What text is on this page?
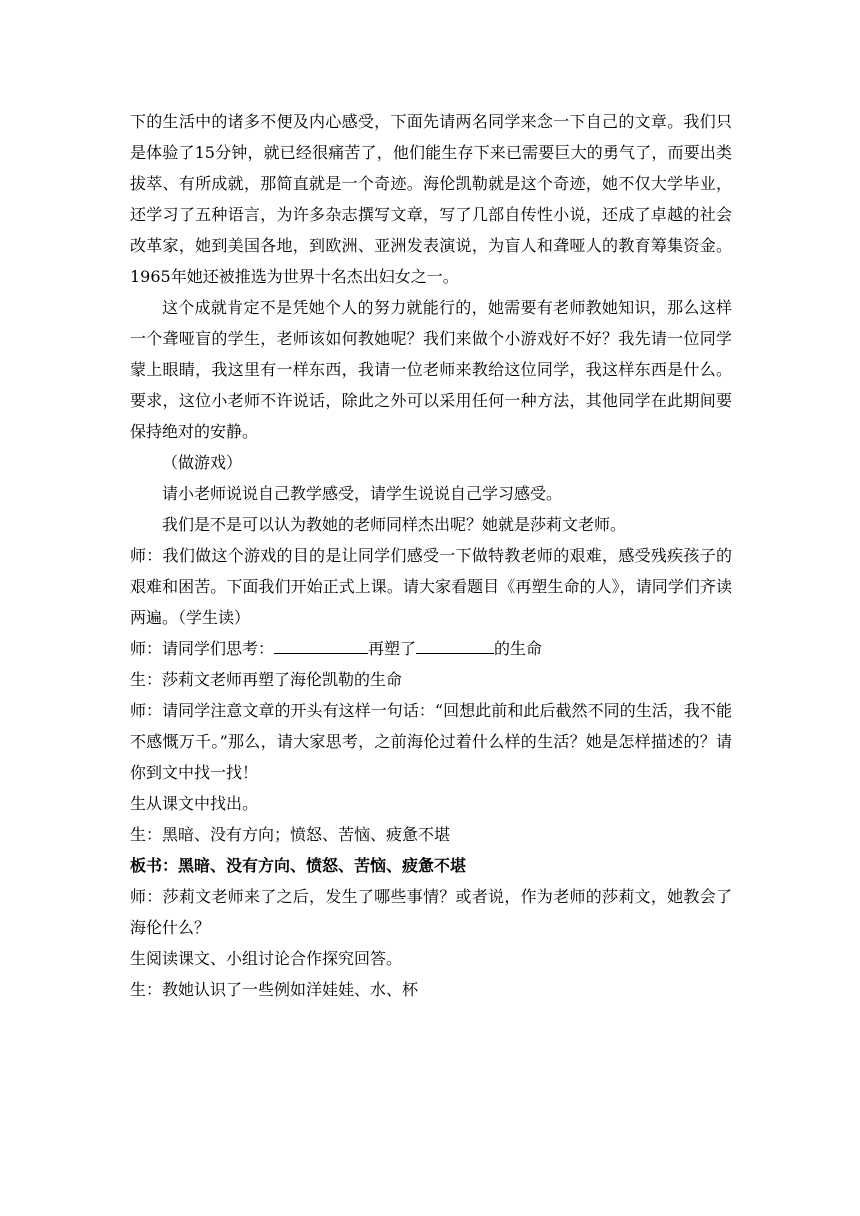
下的生活中的诸多不便及内心感受，下面先请两名同学来念一下自己的文章。我们只是体验了15分钟，就已经很痛苦了，他们能生存下来已需要巨大的勇气了，而要出类拔萃、有所成就，那简直就是一个奇迹。海伦凯勒就是这个奇迹，她不仅大学毕业，还学习了五种语言，为许多杂志撰写文章，写了几部自传性小说，还成了卓越的社会改革家，她到美国各地，到欧洲、亚洲发表演说，为盲人和聋哑人的教育筹集资金。1965年她还被推选为世界十名杰出妇女之一。

这个成就肯定不是凭她个人的努力就能行的，她需要有老师教她知识，那么这样一个聋哑盲的学生，老师该如何教她呢？我们来做个小游戏好不好？我先请一位同学蒙上眼睛，我这里有一样东西，我请一位老师来教给这位同学，我这样东西是什么。要求，这位小老师不许说话，除此之外可以采用任何一种方法，其他同学在此期间要保持绝对的安静。

（做游戏）

请小老师说说自己教学感受，请学生说说自己学习感受。

我们是不是可以认为教她的老师同样杰出呢？她就是莎莉文老师。

师：我们做这个游戏的目的是让同学们感受一下做特教老师的艰难，感受残疾孩子的艰难和困苦。下面我们开始正式上课。请大家看题目《再塑生命的人》，请同学们齐读两遍。（学生读）

师：请同学们思考：	再塑了	的生命

生：莎莉文老师再塑了海伦凯勒的生命

师：请同学注意文章的开头有这样一句话：“回想此前和此后截然不同的生活，我不能不感慨万千。”那么，请大家思考，之前海伦过着什么样的生活？她是怎样描述的？请你到文中找一找！

生从课文中找出。

生：黑暗、没有方向；愤怒、苦恼、疲惫不堪

板书：黑暗、没有方向、愤怒、苦恼、疲惫不堪

师：莎莉文老师来了之后，发生了哪些事情？或者说，作为老师的莎莉文，她教会了海伦什么？

生阅读课文、小组讨论合作探究回答。

生：教她认识了一些例如洋娃娃、水、杯
